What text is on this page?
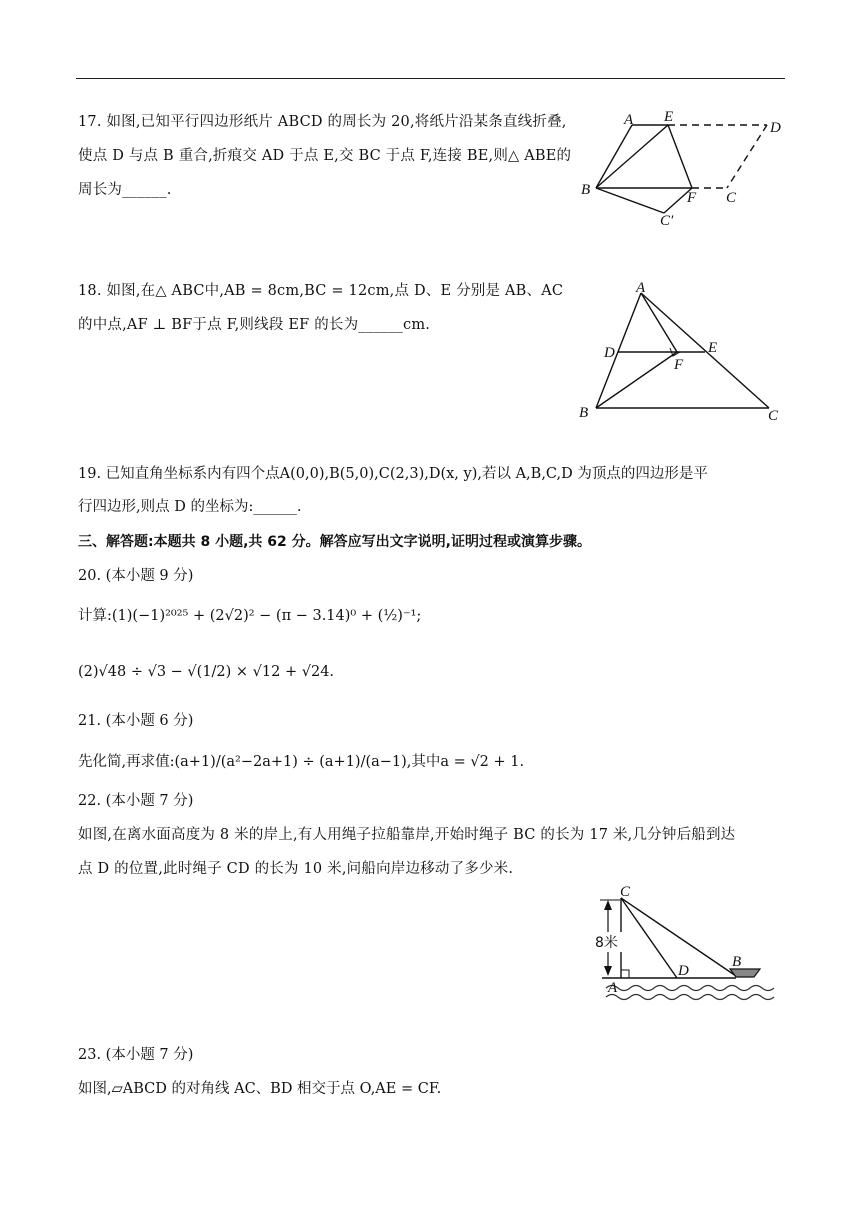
17. 如图,已知平行四边形纸片 ABCD 的周长为 20,将纸片沿某条直线折叠,
使点 D 与点 B 重合,折痕交 AD 于点 E,交 BC 于点 F,连接 BE,则△ ABE的
周长为______.
A E
D
B	F C
C′
18. 如图,在△ ABC中,AB = 8cm,BC = 12cm,点 D、E 分别是 AB、AC
的中点,AF ⊥ BF于点 F,则线段 EF 的长为______cm.
A
D	E
F
B	C
19. 已知直角坐标系内有四个点A(0,0),B(5,0),C(2,3),D(x, y),若以 A,B,C,D 为顶点的四边形是平
行四边形,则点 D 的坐标为:______.
三、解答题:本题共 8 小题,共 62 分。解答应写出文字说明,证明过程或演算步骤。
20. (本小题 9 分)
计算:(1)(−1)²⁰²⁵ + (2√2)² − (π − 3.14)⁰ + (½)⁻¹;
(2)√48 ÷ √3 − √(1/2) × √12 + √24.
21. (本小题 6 分)
先化简,再求值:(a+1)/(a²−2a+1) ÷ (a+1)/(a−1),其中a = √2 + 1.
22. (本小题 7 分)
如图,在离水面高度为 8 米的岸上,有人用绳子拉船靠岸,开始时绳子 BC 的长为 17 米,几分钟后船到达
点 D 的位置,此时绳子 CD 的长为 10 米,问船向岸边移动了多少米.
8米
C
D
B
A
23. (本小题 7 分)
如图,▱ABCD 的对角线 AC、BD 相交于点 O,AE = CF.
